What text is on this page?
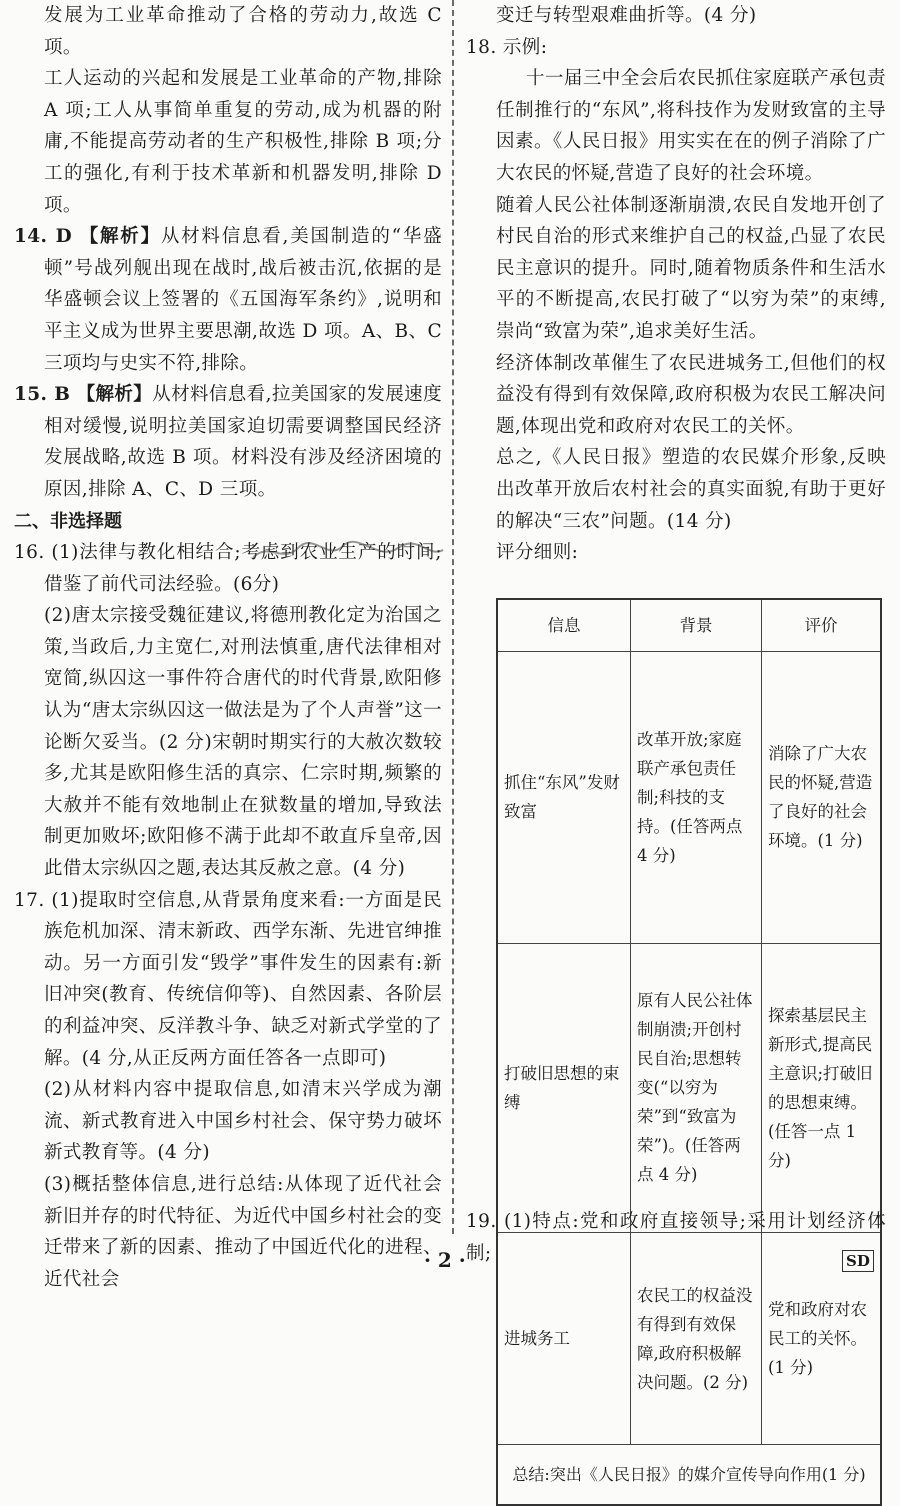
发展为工业革命推动了合格的劳动力,故选 C 项。

工人运动的兴起和发展是工业革命的产物,排除 A 项;工人从事简单重复的劳动,成为机器的附庸,不能提高劳动者的生产积极性,排除 B 项;分工的强化,有利于技术革新和机器发明,排除 D 项。

14. D 【解析】从材料信息看,美国制造的“华盛顿”号战列舰出现在战时,战后被击沉,依据的是华盛顿会议上签署的《五国海军条约》,说明和平主义成为世界主要思潮,故选 D 项。A、B、C 三项均与史实不符,排除。

15. B 【解析】从材料信息看,拉美国家的发展速度相对缓慢,说明拉美国家迫切需要调整国民经济发展战略,故选 B 项。材料没有涉及经济困境的原因,排除 A、C、D 三项。

二、非选择题

16. (1)法律与教化相结合;考虑到农业生产的时间;借鉴了前代司法经验。(6分)

(2)唐太宗接受魏征建议,将德刑教化定为治国之策,当政后,力主宽仁,对刑法慎重,唐代法律相对宽简,纵囚这一事件符合唐代的时代背景,欧阳修认为“唐太宗纵囚这一做法是为了个人声誉”这一论断欠妥当。(2 分)宋朝时期实行的大赦次数较多,尤其是欧阳修生活的真宗、仁宗时期,频繁的大赦并不能有效地制止在狱数量的增加,导致法制更加败坏;欧阳修不满于此却不敢直斥皇帝,因此借太宗纵囚之题,表达其反赦之意。(4 分)

17. (1)提取时空信息,从背景角度来看:一方面是民族危机加深、清末新政、西学东渐、先进官绅推动。另一方面引发“毁学”事件发生的因素有:新旧冲突(教育、传统信仰等)、自然因素、各阶层的利益冲突、反洋教斗争、缺乏对新式学堂的了解。(4 分,从正反两方面任答各一点即可)

(2)从材料内容中提取信息,如清末兴学成为潮流、新式教育进入中国乡村社会、保守势力破坏新式教育等。(4 分)

(3)概括整体信息,进行总结:从体现了近代社会新旧并存的时代特征、为近代中国乡村社会的变迁带来了新的因素、推动了中国近代化的进程、近代社会

变迁与转型艰难曲折等。(4 分)

18. 示例:

十一届三中全会后农民抓住家庭联产承包责任制推行的“东风”,将科技作为发财致富的主导因素。《人民日报》用实实在在的例子消除了广大农民的怀疑,营造了良好的社会环境。

随着人民公社体制逐渐崩溃,农民自发地开创了村民自治的形式来维护自己的权益,凸显了农民民主意识的提升。同时,随着物质条件和生活水平的不断提高,农民打破了“以穷为荣”的束缚,崇尚“致富为荣”,追求美好生活。

经济体制改革催生了农民进城务工,但他们的权益没有得到有效保障,政府积极为农民工解决问题,体现出党和政府对农民工的关怀。

总之,《人民日报》塑造的农民媒介形象,反映出改革开放后农村社会的真实面貌,有助于更好的解决“三农”问题。(14 分)

评分细则:

信息	背景	评价
抓住“东风”发财致富	改革开放;家庭联产承包责任制;科技的支持。(任答两点 4 分)	消除了广大农民的怀疑,营造了良好的社会环境。(1 分)
打破旧思想的束缚	原有人民公社体制崩溃;开创村民自治;思想转变(“以穷为荣”到“致富为荣”)。(任答两点 4 分)	探索基层民主新形式,提高民主意识;打破旧的思想束缚。(任答一点 1 分)
进城务工	农民工的权益没有得到有效保障,政府积极解决问题。(2 分)	党和政府对农民工的关怀。(1 分)
总结:突出《人民日报》的媒介宣传导向作用(1 分)		

19. (1)特点:党和政府直接领导;采用计划经济体制;

· 2 ·	SD
